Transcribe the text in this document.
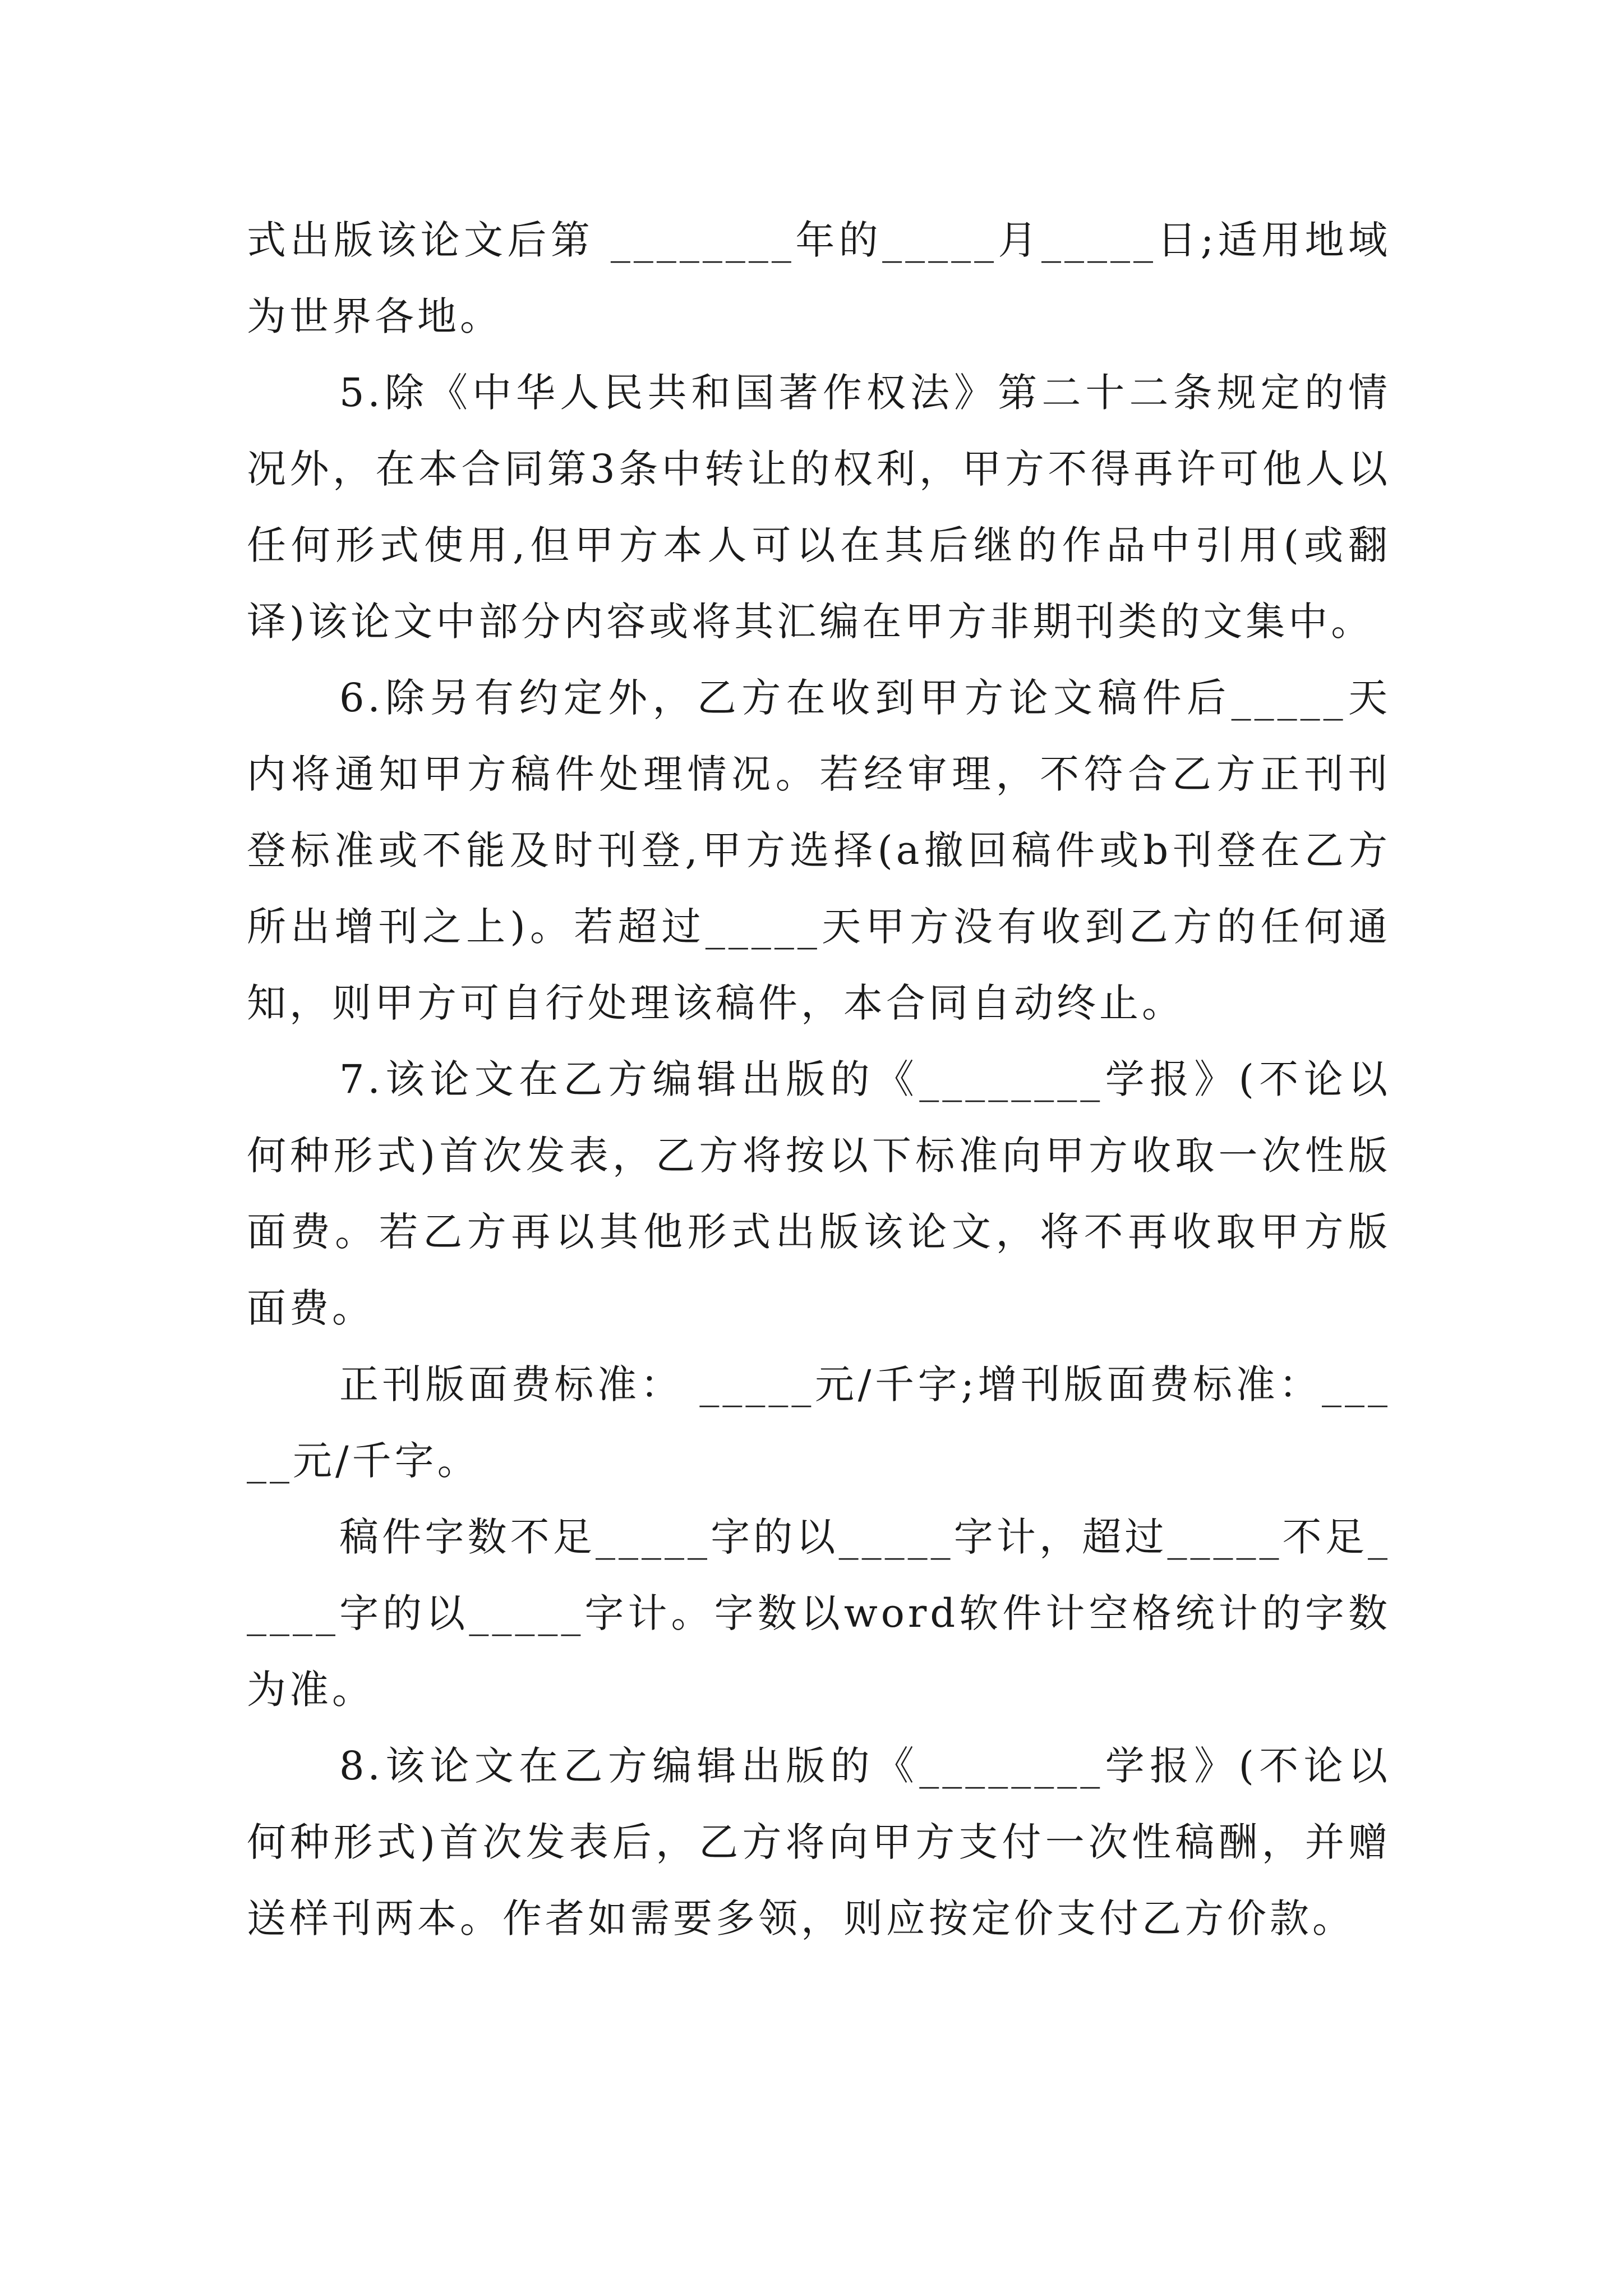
式出版该论文后第 ________年的_____月_____日;适用地域为世界各地。

5.除《中华人民共和国著作权法》第二十二条规定的情况外，在本合同第3条中转让的权利，甲方不得再许可他人以任何形式使用,但甲方本人可以在其后继的作品中引用(或翻译)该论文中部分内容或将其汇编在甲方非期刊类的文集中。

6.除另有约定外，乙方在收到甲方论文稿件后_____天内将通知甲方稿件处理情况。若经审理，不符合乙方正刊刊登标准或不能及时刊登,甲方选择(a撤回稿件或b刊登在乙方所出增刊之上)。若超过_____天甲方没有收到乙方的任何通知，则甲方可自行处理该稿件，本合同自动终止。

7.该论文在乙方编辑出版的《________学报》(不论以何种形式)首次发表，乙方将按以下标准向甲方收取一次性版面费。若乙方再以其他形式出版该论文，将不再收取甲方版面费。

正刊版面费标准： _____元/千字;增刊版面费标准：_____元/千字。

稿件字数不足_____字的以_____字计，超过_____不足_____字的以_____字计。字数以word软件计空格统计的字数为准。

8.该论文在乙方编辑出版的《________学报》(不论以何种形式)首次发表后，乙方将向甲方支付一次性稿酬，并赠送样刊两本。作者如需要多领，则应按定价支付乙方价款。
